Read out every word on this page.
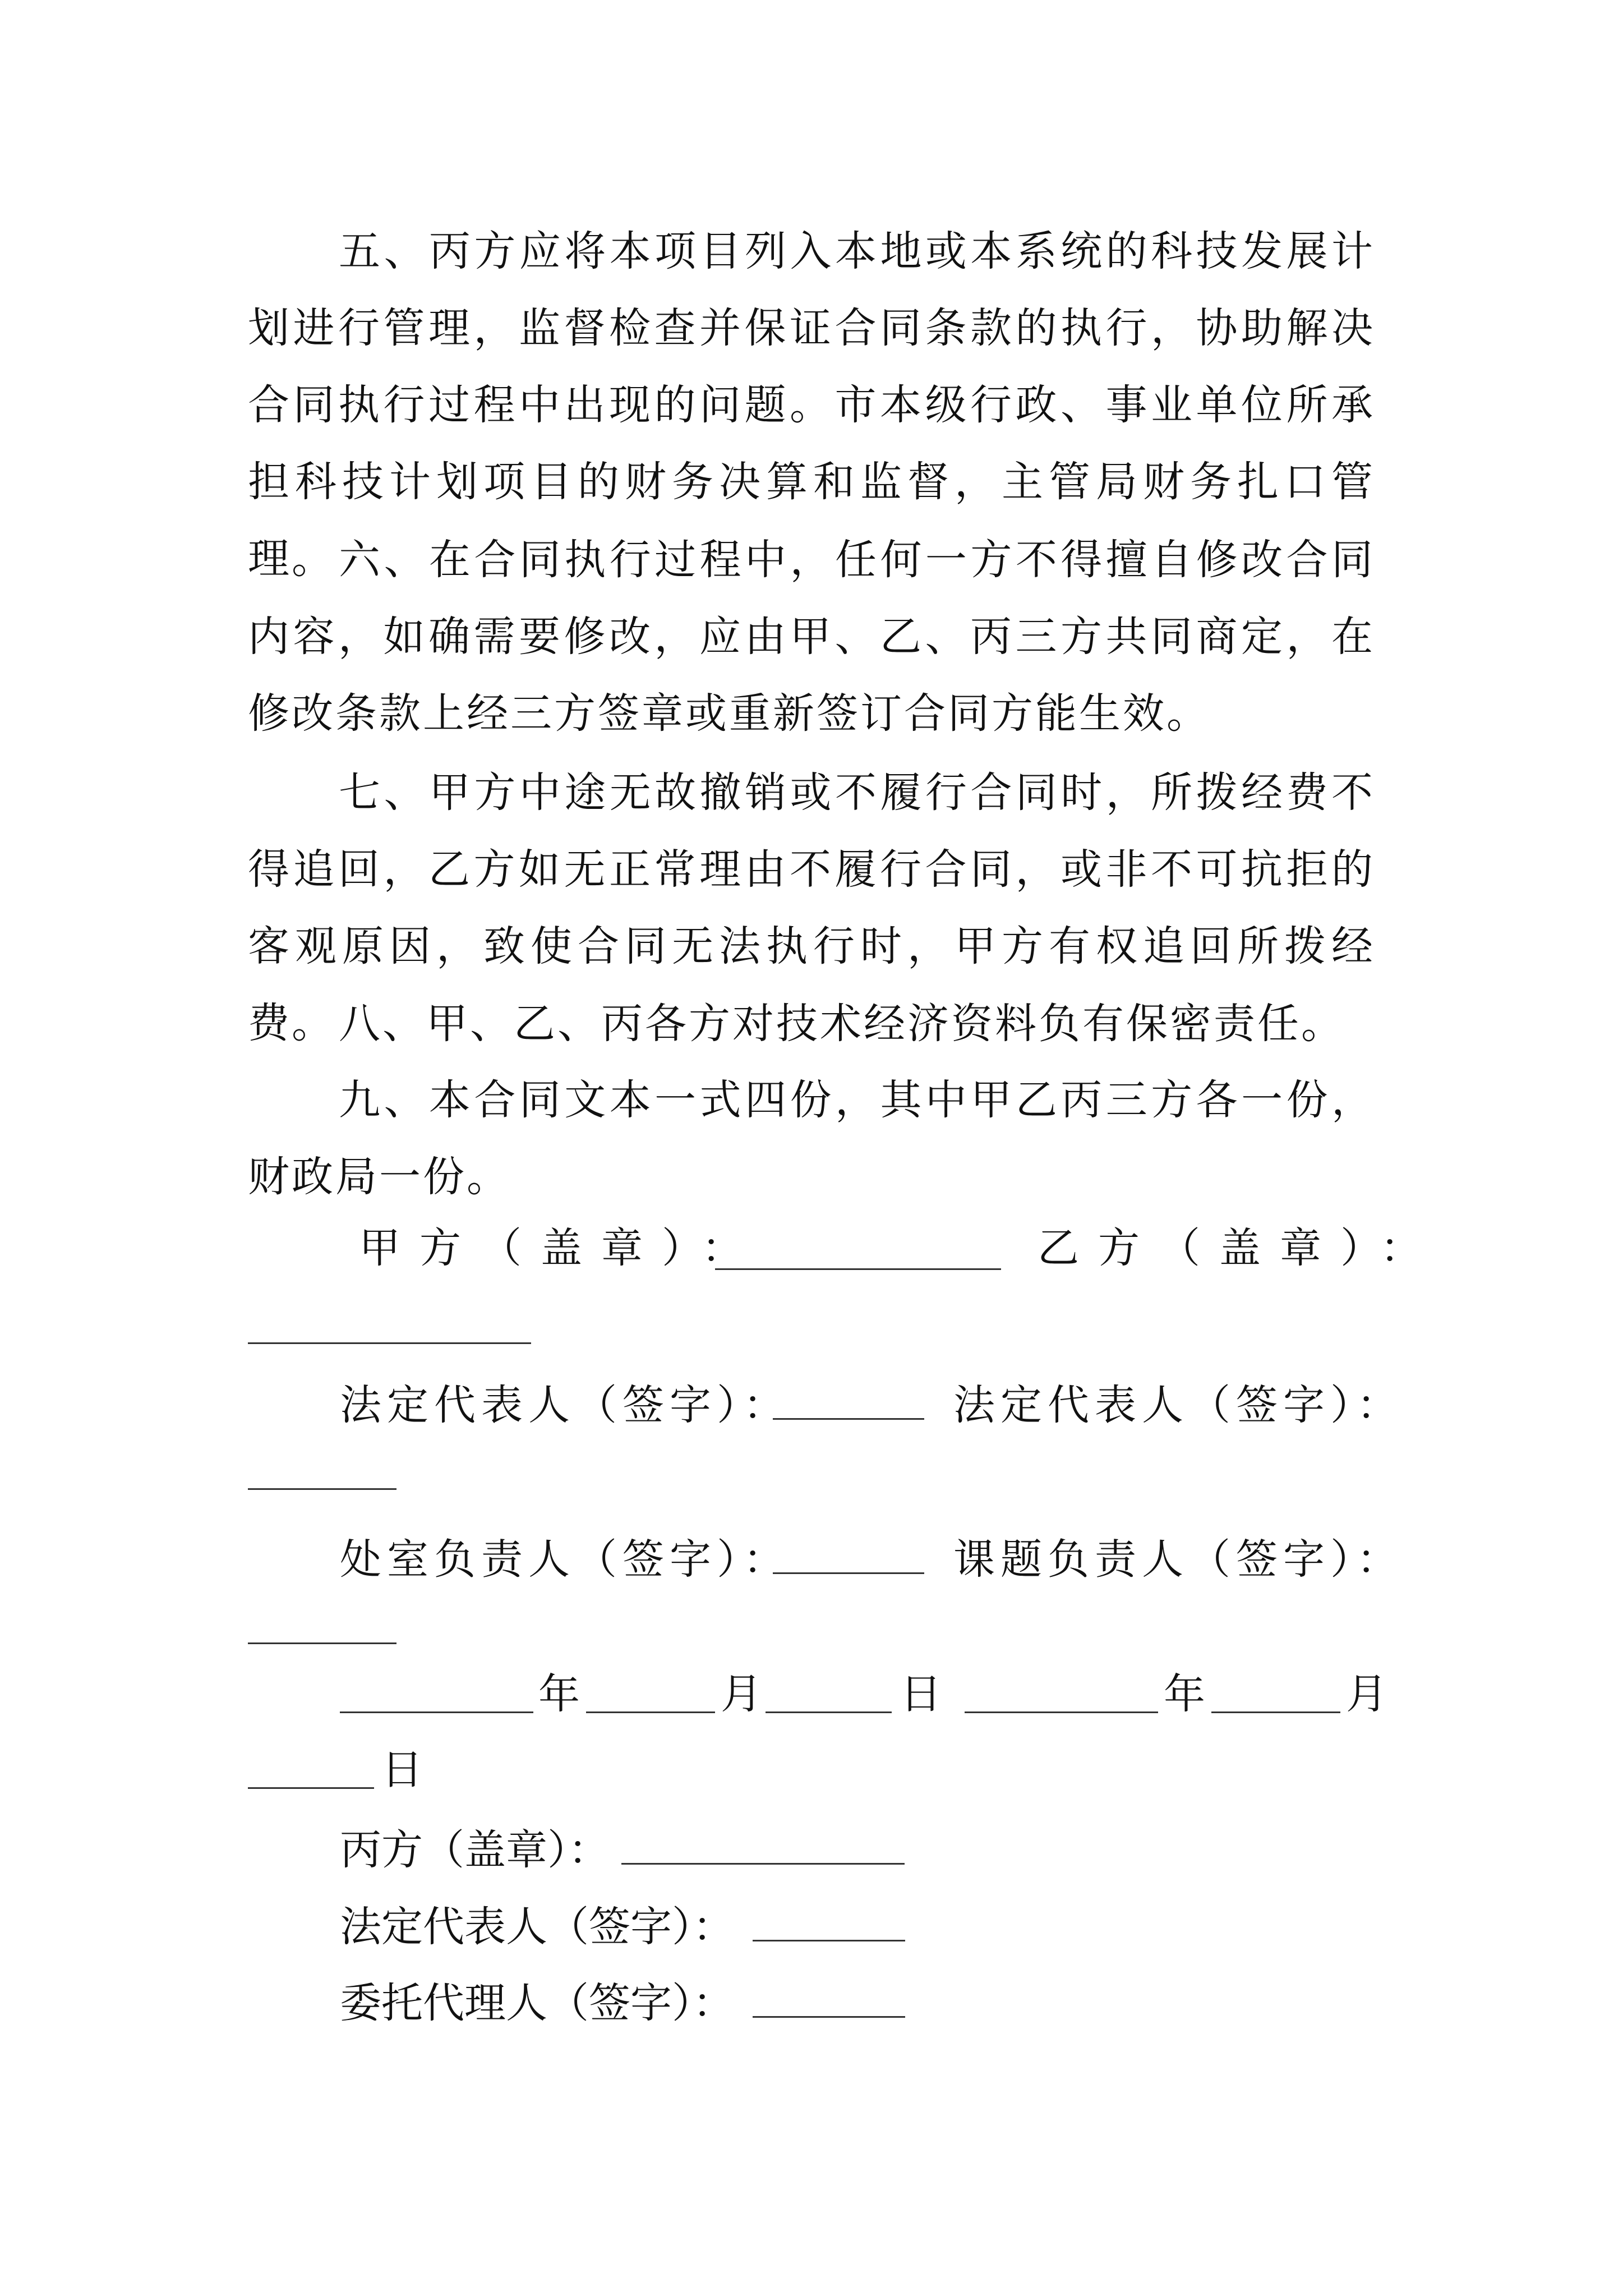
五、丙方应将本项目列入本地或本系统的科技发展计划进行管理，监督检查并保证合同条款的执行，协助解决合同执行过程中出现的问题。市本级行政、事业单位所承担科技计划项目的财务决算和监督，主管局财务扎口管理。 六、在合同执行过程中，任何一方不得擅自修改合同内容，如确需要修改，应由甲、乙、丙三方共同商定，在修改条款上经三方签章或重新签订合同方能生效。

七、甲方中途无故撤销或不履行合同时，所拨经费不得追回，乙方如无正常理由不履行合同，或非不可抗拒的客观原因，致使合同无法执行时，甲方有权追回所拨经费。 八、甲、乙、丙各方对技术经济资料负有保密责任。

九、本合同文本一式四份，其中甲乙丙三方各一份，财政局一份。

甲方（盖章）：	乙方（盖章）：
法定代表人（签字）：	法定代表人（签字）：
处室负责人（签字）：	课题负责人（签字）：
年	月	日	年	月
日
丙方（盖章）：
法定代表人（签字）：
委托代理人（签字）：
